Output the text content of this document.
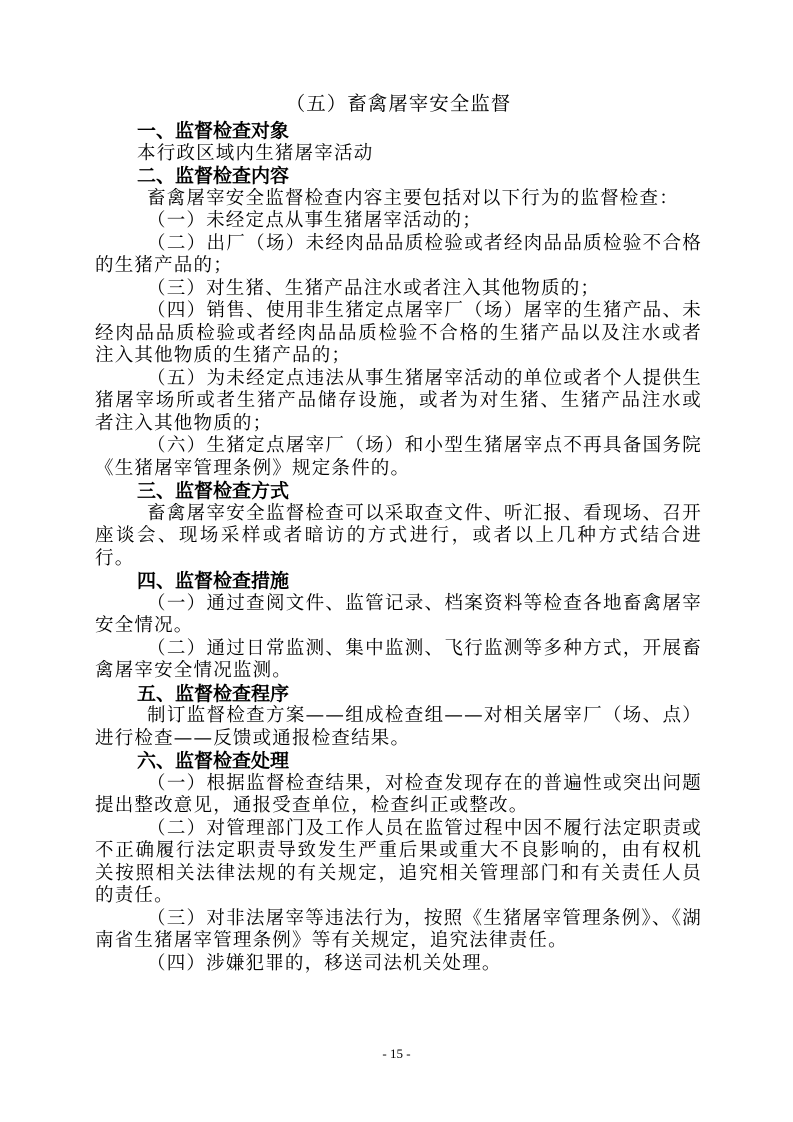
（五）畜禽屠宰安全监督

一、监督检查对象

本行政区域内生猪屠宰活动

二、监督检查内容

畜禽屠宰安全监督检查内容主要包括对以下行为的监督检查：

（一）未经定点从事生猪屠宰活动的；

（二）出厂（场）未经肉品品质检验或者经肉品品质检验不合格的生猪产品的；

（三）对生猪、生猪产品注水或者注入其他物质的；

（四）销售、使用非生猪定点屠宰厂（场）屠宰的生猪产品、未经肉品品质检验或者经肉品品质检验不合格的生猪产品以及注水或者注入其他物质的生猪产品的；

（五）为未经定点违法从事生猪屠宰活动的单位或者个人提供生猪屠宰场所或者生猪产品储存设施，或者为对生猪、生猪产品注水或者注入其他物质的；

（六）生猪定点屠宰厂（场）和小型生猪屠宰点不再具备国务院《生猪屠宰管理条例》规定条件的。

三、监督检查方式

畜禽屠宰安全监督检查可以采取查文件、听汇报、看现场、召开座谈会、现场采样或者暗访的方式进行，或者以上几种方式结合进行。

四、监督检查措施

（一）通过查阅文件、监管记录、档案资料等检查各地畜禽屠宰安全情况。

（二）通过日常监测、集中监测、飞行监测等多种方式，开展畜禽屠宰安全情况监测。

五、监督检查程序

制订监督检查方案——组成检查组——对相关屠宰厂（场、点）进行检查——反馈或通报检查结果。

六、监督检查处理

（一）根据监督检查结果，对检查发现存在的普遍性或突出问题提出整改意见，通报受查单位，检查纠正或整改。

（二）对管理部门及工作人员在监管过程中因不履行法定职责或不正确履行法定职责导致发生严重后果或重大不良影响的，由有权机关按照相关法律法规的有关规定，追究相关管理部门和有关责任人员的责任。

（三）对非法屠宰等违法行为，按照《生猪屠宰管理条例》、《湖南省生猪屠宰管理条例》等有关规定，追究法律责任。

（四）涉嫌犯罪的，移送司法机关处理。

- 15 -
